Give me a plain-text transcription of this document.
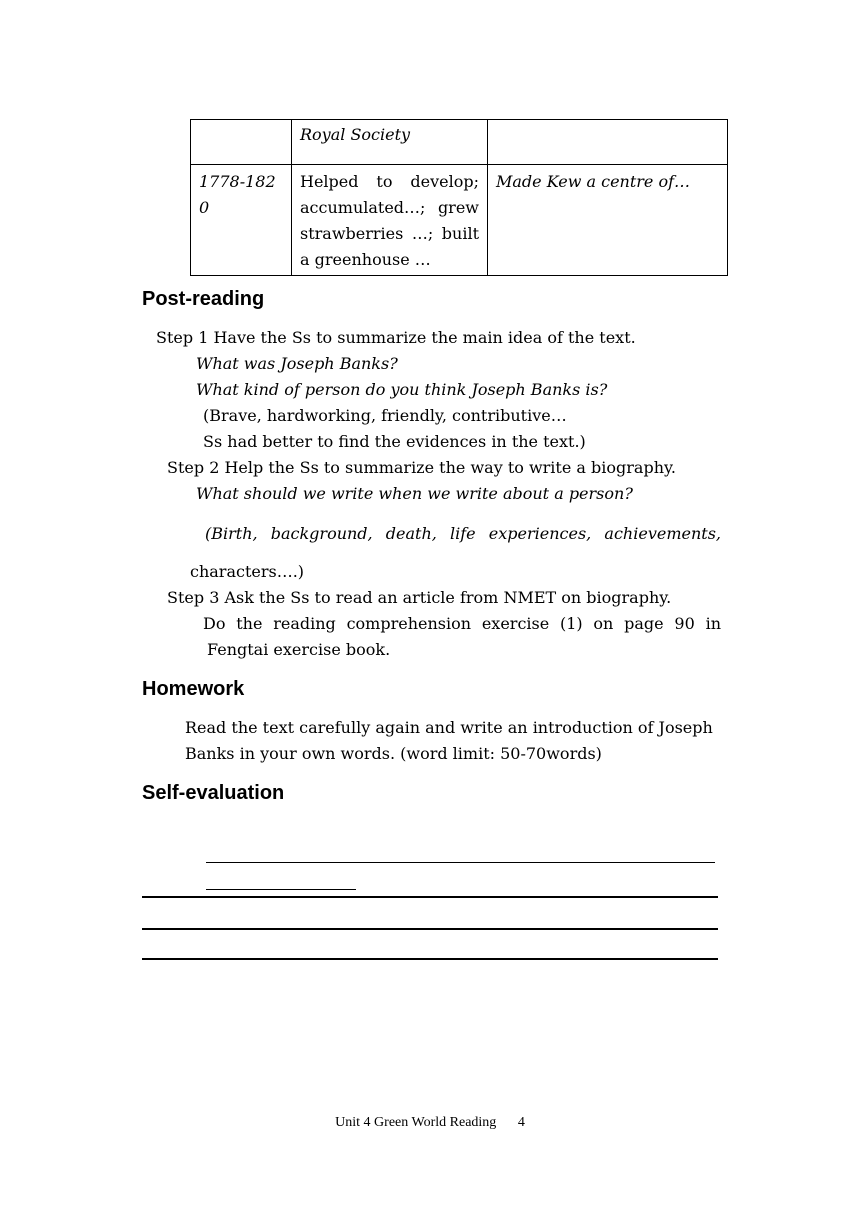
	Royal Society	
1778-1820	Helped to develop; accumulated…; grew strawberries …; built a greenhouse …	Made Kew a centre of…
Post-reading
Step 1 Have the Ss to summarize the main idea of the text.
What was Joseph Banks?
What kind of person do you think Joseph Banks is?
(Brave, hardworking, friendly, contributive…
Ss had better to find the evidences in the text.)
Step 2 Help the Ss to summarize the way to write a biography.
What should we write when we write about a person?
(Birth, background, death, life experiences, achievements,
characters….)
Step 3 Ask the Ss to read an article from NMET on biography.
Do the reading comprehension exercise (1) on page 90 in
Fengtai exercise book.
Homework
Read the text carefully again and write an introduction of Joseph
Banks in your own words. (word limit: 50-70words)
Self-evaluation
Unit 4 Green World Reading 4
